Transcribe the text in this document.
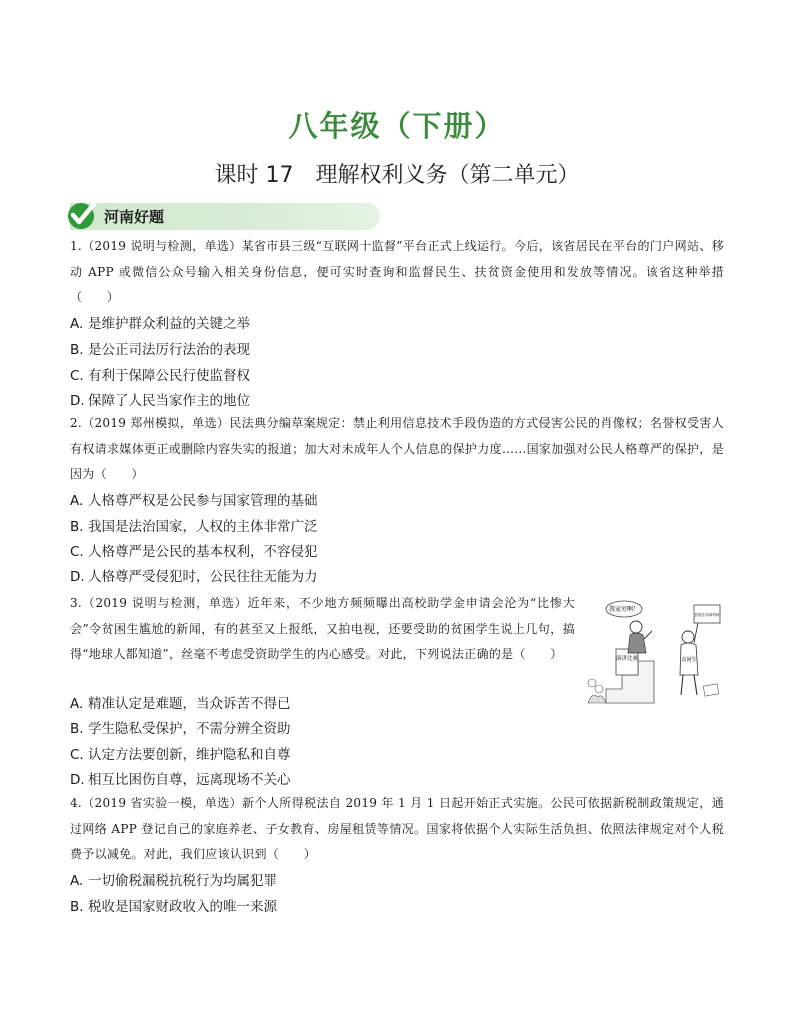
八年级（下册）
课时 17　理解权利义务（第二单元）
河南好题
1.（2019 说明与检测，单选）某省市县三级“互联网十监督”平台正式上线运行。今后，该省居民在平台的门户网站、移动 APP 或微信公众号输入相关身份信息，便可实时查询和监督民生、扶贫资金使用和发放等情况。该省这种举措（　　）
A. 是维护群众利益的关键之举
B. 是公正司法厉行法治的表现
C. 有利于保障公民行使监督权
D. 保障了人民当家作主的地位
2.（2019 郑州模拟，单选）民法典分编草案规定：禁止利用信息技术手段伪造的方式侵害公民的肖像权；名誉权受害人有权请求媒体更正或删除内容失实的报道；加大对未成年人个人信息的保护力度……国家加强对公民人格尊严的保护，是因为（　　）
A. 人格尊严权是公民参与国家管理的基础
B. 我国是法治国家，人权的主体非常广泛
C. 人格尊严是公民的基本权利，不容侵犯
D. 人格尊严受侵犯时，公民往往无能为力
3.（2019 说明与检测，单选）近年来，不少地方频频曝出高校助学金申请会沦为“比惨大会”令贫困生尴尬的新闻，有的甚至又上报纸，又拍电视，还要受助的贫困学生说上几句，搞得“地球人都知道”，丝毫不考虑受资助学生的内心感受。对此，下列说法正确的是（　　）
A. 精准认定是难题，当众诉苦不得已
B. 学生隐私受保护，不需分辨全资助
C. 认定方法要创新，维护隐私和自尊
D. 相互比困伤自尊，远离现场不关心
4.（2019 省实验一模，单选）新个人所得税法自 2019 年 1 月 1 日起开始正式实施。公民可依据新税制政策规定，通过网络 APP 登记自己的家庭养老、子女教育、房屋租赁等情况。国家将依据个人实际生活负担、依照法律规定对个人税费予以减免。对此，我们应该认识到（　　）
A. 一切偷税漏税抗税行为均属犯罪
B. 税收是国家财政收入的唯一来源
演讲比赛
我家穷啊！
贫困生
贫困生申请材料
